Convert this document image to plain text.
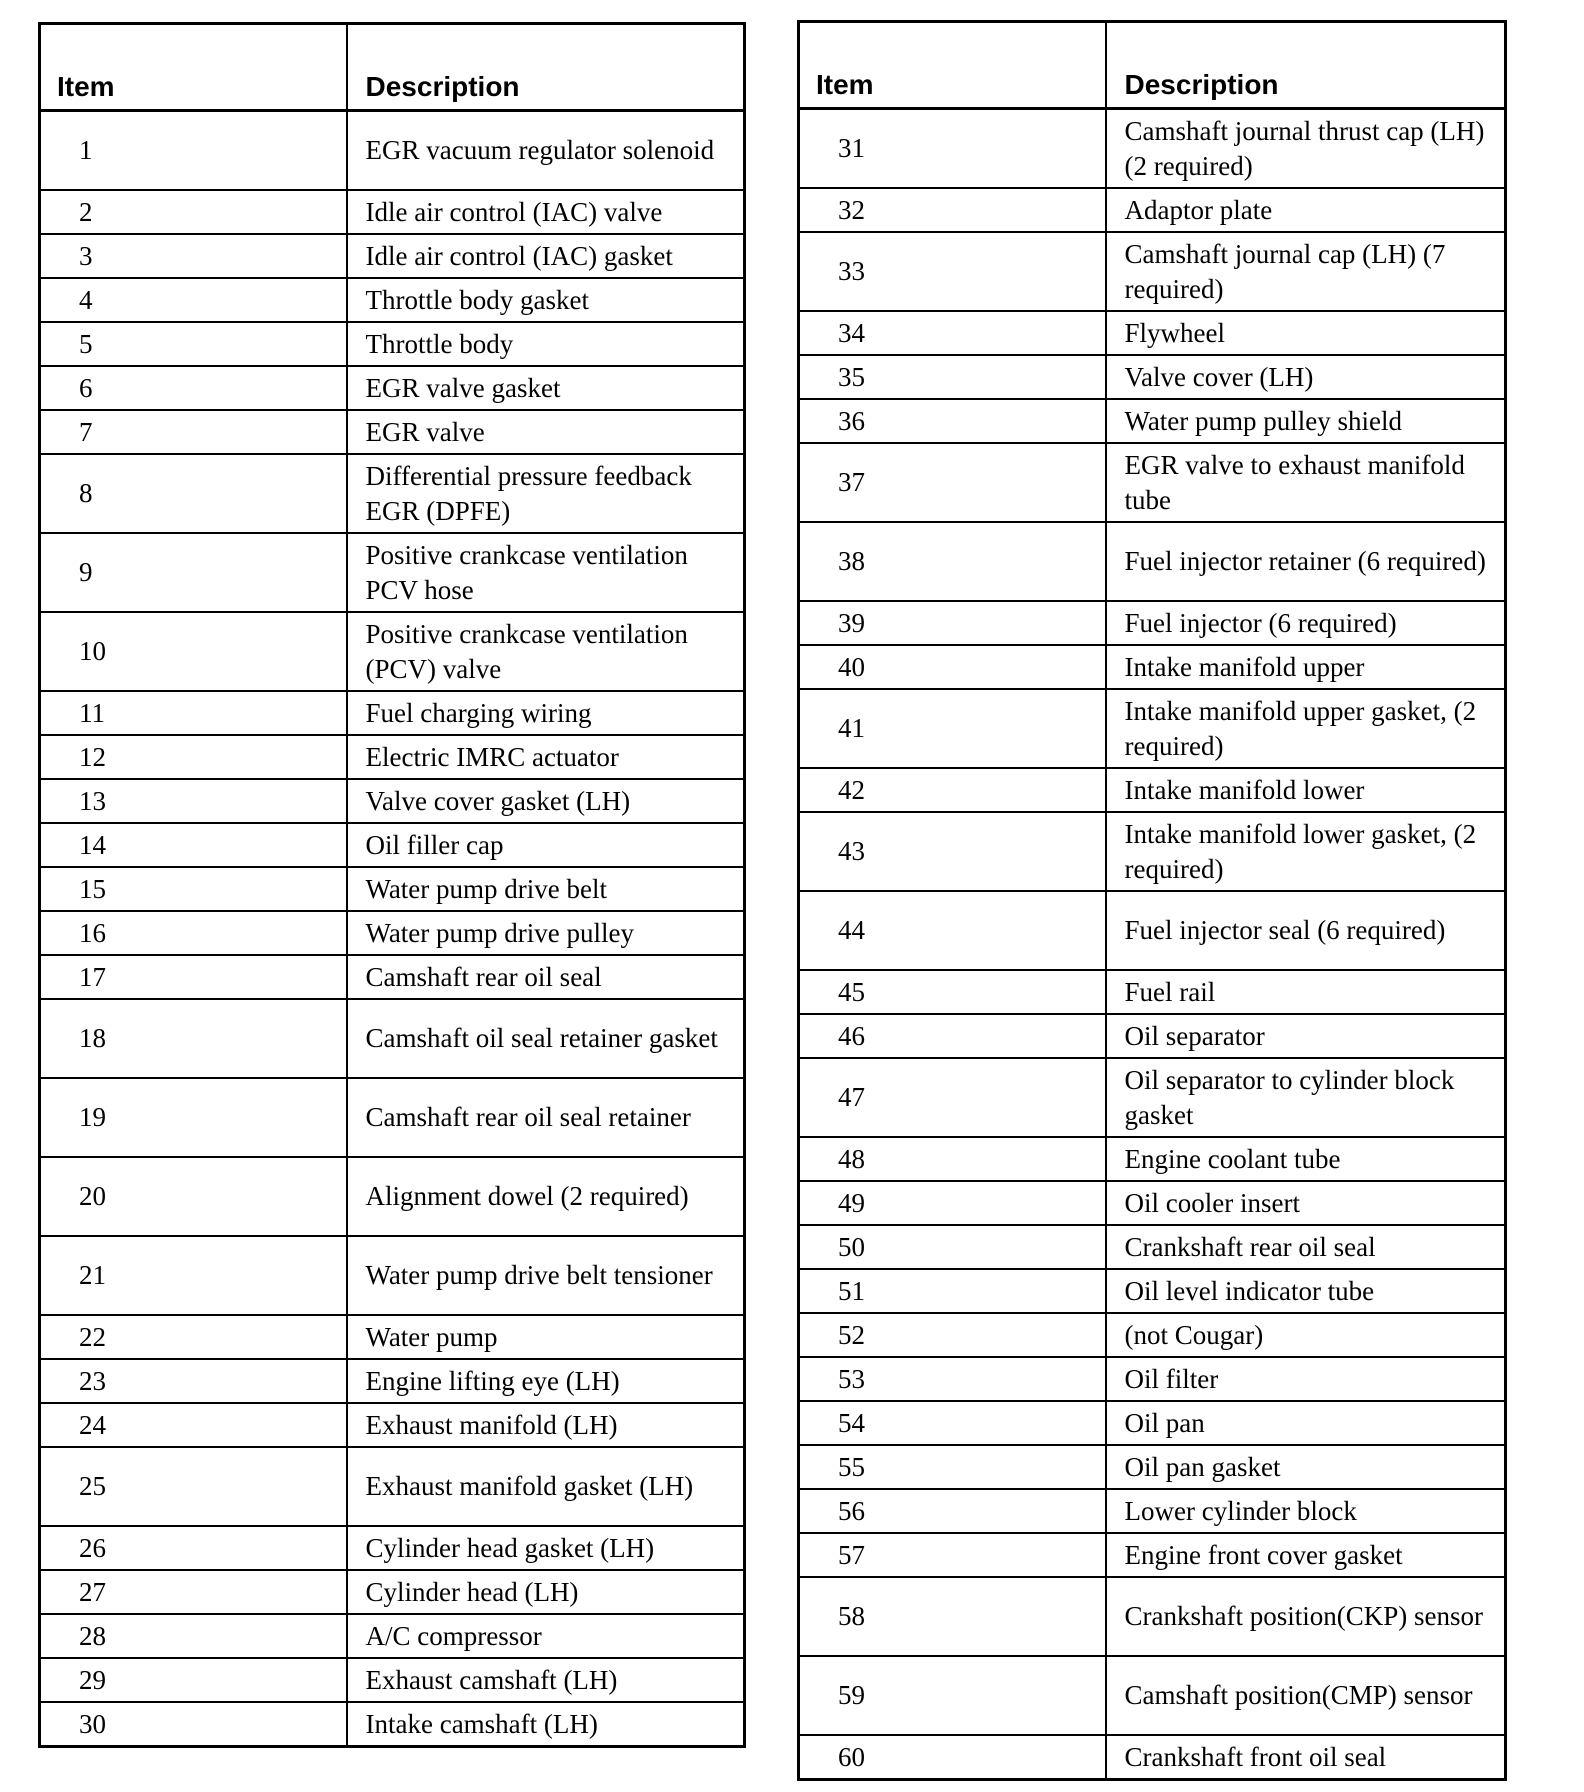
Item	Description
1	EGR vacuum regulator solenoid
2	Idle air control (IAC) valve
3	Idle air control (IAC) gasket
4	Throttle body gasket
5	Throttle body
6	EGR valve gasket
7	EGR valve
8	Differential pressure feedback EGR (DPFE)
9	Positive crankcase ventilation PCV hose
10	Positive crankcase ventilation (PCV) valve
11	Fuel charging wiring
12	Electric IMRC actuator
13	Valve cover gasket (LH)
14	Oil filler cap
15	Water pump drive belt
16	Water pump drive pulley
17	Camshaft rear oil seal
18	Camshaft oil seal retainer gasket
19	Camshaft rear oil seal retainer
20	Alignment dowel (2 required)
21	Water pump drive belt tensioner
22	Water pump
23	Engine lifting eye (LH)
24	Exhaust manifold (LH)
25	Exhaust manifold gasket (LH)
26	Cylinder head gasket (LH)
27	Cylinder head (LH)
28	A/C compressor
29	Exhaust camshaft (LH)
30	Intake camshaft (LH)
Item	Description
31	Camshaft journal thrust cap (LH) (2 required)
32	Adaptor plate
33	Camshaft journal cap (LH) (7 required)
34	Flywheel
35	Valve cover (LH)
36	Water pump pulley shield
37	EGR valve to exhaust manifold tube
38	Fuel injector retainer (6 required)
39	Fuel injector (6 required)
40	Intake manifold upper
41	Intake manifold upper gasket, (2 required)
42	Intake manifold lower
43	Intake manifold lower gasket, (2 required)
44	Fuel injector seal (6 required)
45	Fuel rail
46	Oil separator
47	Oil separator to cylinder block gasket
48	Engine coolant tube
49	Oil cooler insert
50	Crankshaft rear oil seal
51	Oil level indicator tube
52	(not Cougar)
53	Oil filter
54	Oil pan
55	Oil pan gasket
56	Lower cylinder block
57	Engine front cover gasket
58	Crankshaft position(CKP) sensor
59	Camshaft position(CMP) sensor
60	Crankshaft front oil seal
